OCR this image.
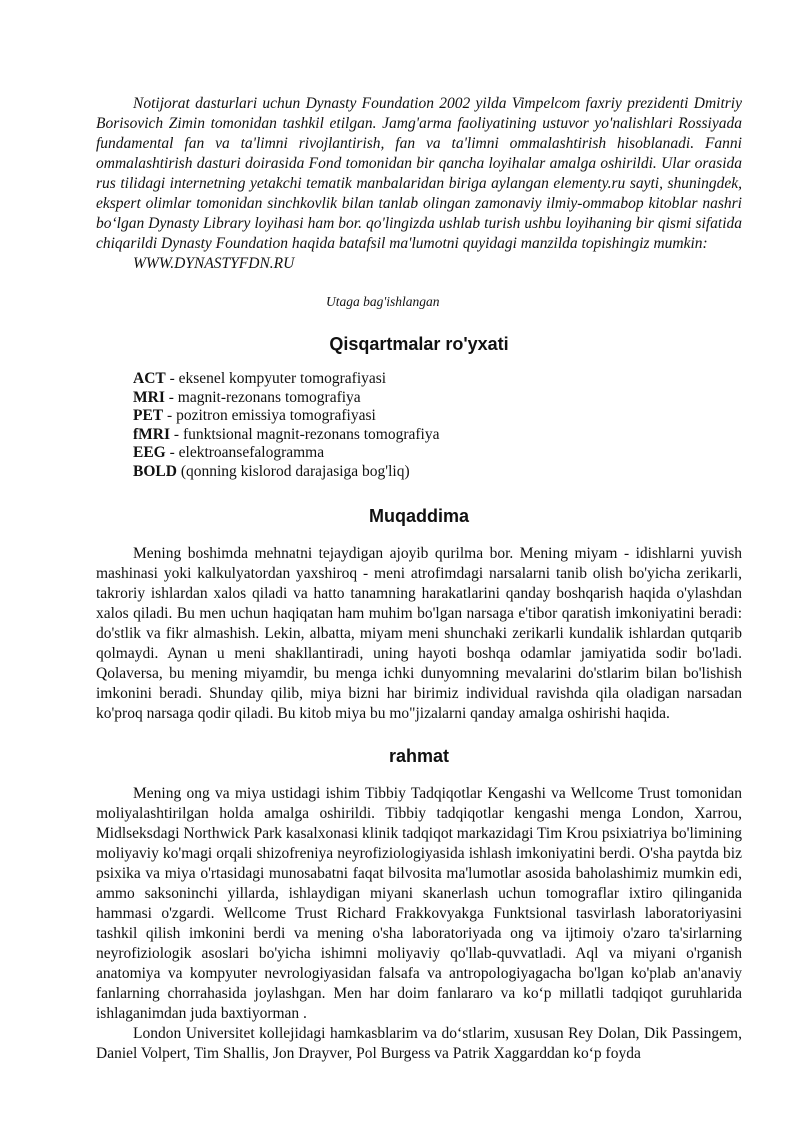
Notijorat dasturlari uchun Dynasty Foundation 2002 yilda Vimpelcom faxriy prezidenti Dmitriy Borisovich Zimin tomonidan tashkil etilgan. Jamg'arma faoliyatining ustuvor yo'nalishlari Rossiyada fundamental fan va ta'limni rivojlantirish, fan va ta'limni ommalashtirish hisoblanadi. Fanni ommalashtirish dasturi doirasida Fond tomonidan bir qancha loyihalar amalga oshirildi. Ular orasida rus tilidagi internetning yetakchi tematik manbalaridan biriga aylangan elementy.ru sayti, shuningdek, ekspert olimlar tomonidan sinchkovlik bilan tanlab olingan zamonaviy ilmiy-ommabop kitoblar nashri bo‘lgan Dynasty Library loyihasi ham bor. qo'lingizda ushlab turish ushbu loyihaning bir qismi sifatida chiqarildi Dynasty Foundation haqida batafsil ma'lumotni quyidagi manzilda topishingiz mumkin:

WWW.DYNASTYFDN.RU

Utaga bag'ishlangan
Qisqartmalar ro'yxati
ACT - eksenel kompyuter tomografiyasi
MRI - magnit-rezonans tomografiya
PET - pozitron emissiya tomografiyasi
fMRI - funktsional magnit-rezonans tomografiya
EEG - elektroansefalogramma
BOLD (qonning kislorod darajasiga bog'liq)
Muqaddima

Mening boshimda mehnatni tejaydigan ajoyib qurilma bor. Mening miyam - idishlarni yuvish mashinasi yoki kalkulyatordan yaxshiroq - meni atrofimdagi narsalarni tanib olish bo'yicha zerikarli, takroriy ishlardan xalos qiladi va hatto tanamning harakatlarini qanday boshqarish haqida o'ylashdan xalos qiladi. Bu men uchun haqiqatan ham muhim bo'lgan narsaga e'tibor qaratish imkoniyatini beradi: do'stlik va fikr almashish. Lekin, albatta, miyam meni shunchaki zerikarli kundalik ishlardan qutqarib qolmaydi. Aynan u meni shakllantiradi, uning hayoti boshqa odamlar jamiyatida sodir bo'ladi. Qolaversa, bu mening miyamdir, bu menga ichki dunyomning mevalarini do'stlarim bilan bo'lishish imkonini beradi. Shunday qilib, miya bizni har birimiz individual ravishda qila oladigan narsadan ko'proq narsaga qodir qiladi. Bu kitob miya bu mo"jizalarni qanday amalga oshirishi haqida.

rahmat

Mening ong va miya ustidagi ishim Tibbiy Tadqiqotlar Kengashi va Wellcome Trust tomonidan moliyalashtirilgan holda amalga oshirildi. Tibbiy tadqiqotlar kengashi menga London, Xarrou, Midlseksdagi Northwick Park kasalxonasi klinik tadqiqot markazidagi Tim Krou psixiatriya bo'limining moliyaviy ko'magi orqali shizofreniya neyrofiziologiyasida ishlash imkoniyatini berdi. O'sha paytda biz psixika va miya o'rtasidagi munosabatni faqat bilvosita ma'lumotlar asosida baholashimiz mumkin edi, ammo saksoninchi yillarda, ishlaydigan miyani skanerlash uchun tomograflar ixtiro qilinganida hammasi o'zgardi. Wellcome Trust Richard Frakkovyakga Funktsional tasvirlash laboratoriyasini tashkil qilish imkonini berdi va mening o'sha laboratoriyada ong va ijtimoiy o'zaro ta'sirlarning neyrofiziologik asoslari bo'yicha ishimni moliyaviy qo'llab-quvvatladi. Aql va miyani o'rganish anatomiya va kompyuter nevrologiyasidan falsafa va antropologiyagacha bo'lgan ko'plab an'anaviy fanlarning chorrahasida joylashgan. Men har doim fanlararo va ko‘p millatli tadqiqot guruhlarida ishlaganimdan juda baxtiyorman .

London Universitet kollejidagi hamkasblarim va do‘stlarim, xususan Rey Dolan, Dik Passingem, Daniel Volpert, Tim Shallis, Jon Drayver, Pol Burgess va Patrik Xaggarddan ko‘p foyda
